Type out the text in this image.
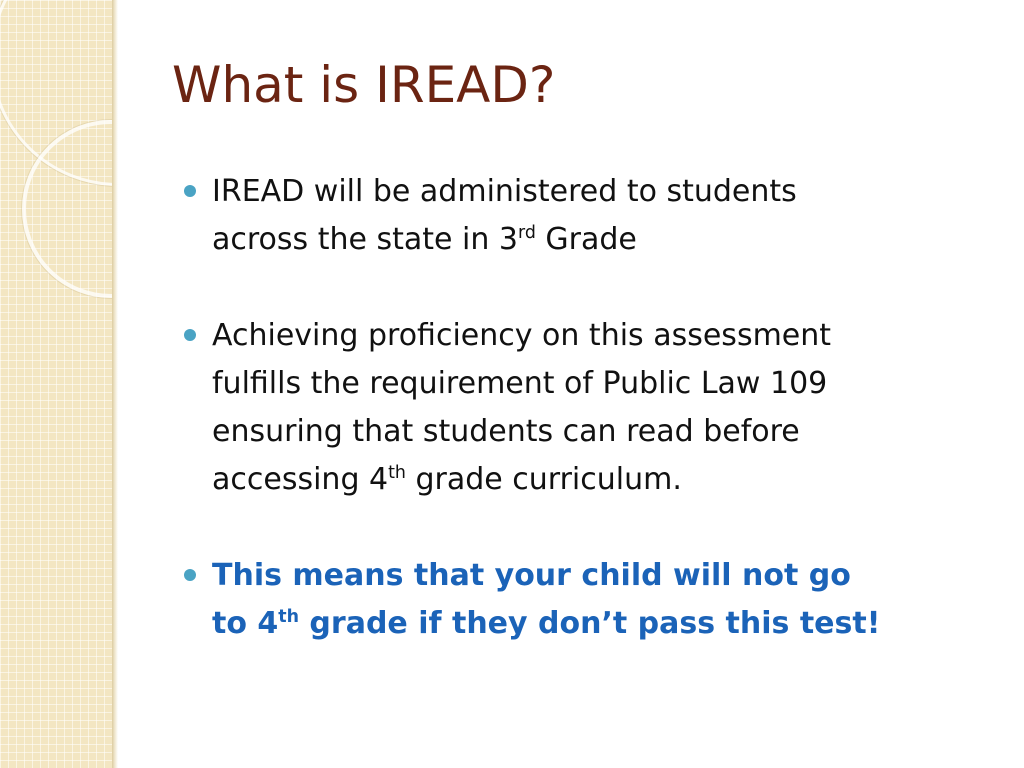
What is IREAD?
IREAD will be administered to students
across the state in 3rd Grade
Achieving proficiency on this assessment
fulfills the requirement of Public Law 109
ensuring that students can read before
accessing 4th grade curriculum.
This means that your child will not go
to 4th grade if they don’t pass this test!
